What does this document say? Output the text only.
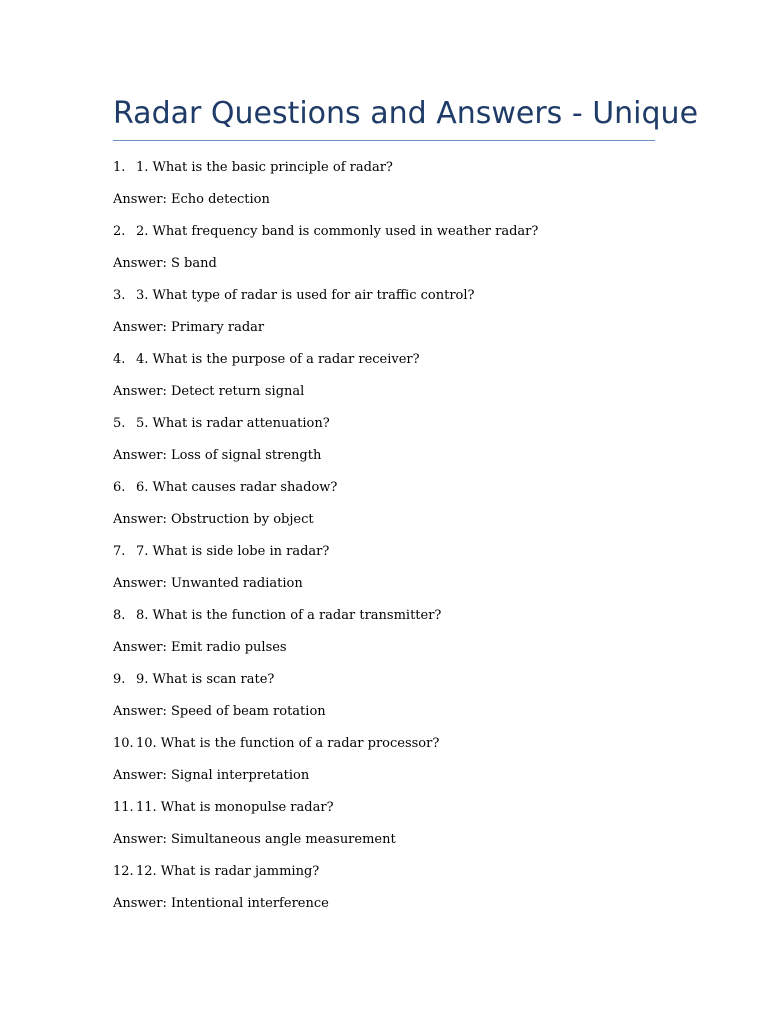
Radar Questions and Answers - Unique
1. 1. What is the basic principle of radar?
Answer: Echo detection
2. 2. What frequency band is commonly used in weather radar?
Answer: S band
3. 3. What type of radar is used for air traffic control?
Answer: Primary radar
4. 4. What is the purpose of a radar receiver?
Answer: Detect return signal
5. 5. What is radar attenuation?
Answer: Loss of signal strength
6. 6. What causes radar shadow?
Answer: Obstruction by object
7. 7. What is side lobe in radar?
Answer: Unwanted radiation
8. 8. What is the function of a radar transmitter?
Answer: Emit radio pulses
9. 9. What is scan rate?
Answer: Speed of beam rotation
10. 10. What is the function of a radar processor?
Answer: Signal interpretation
11. 11. What is monopulse radar?
Answer: Simultaneous angle measurement
12. 12. What is radar jamming?
Answer: Intentional interference
